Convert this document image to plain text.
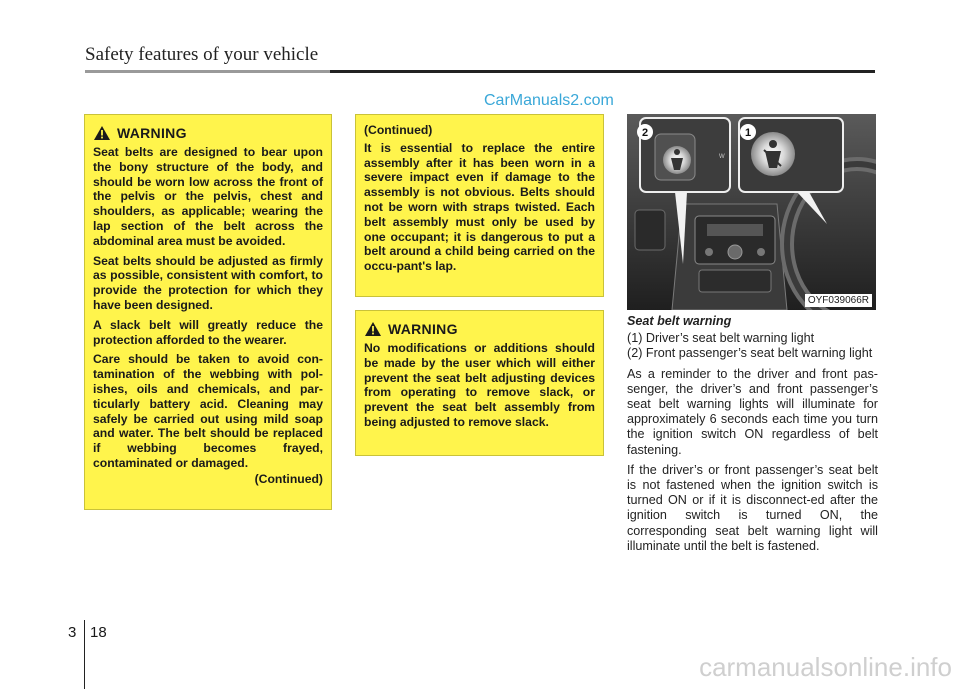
Safety features of your vehicle
CarManuals2.com
WARNING

Seat belts are designed to bear upon the bony structure of the body, and should be worn low across the front of the pelvis or the pelvis, chest and shoulders, as applicable; wearing the lap section of the belt across the abdominal area must be avoided.

Seat belts should be adjusted as firmly as possible, consistent with comfort, to provide the protection for which they have been designed.

A slack belt will greatly reduce the protection afforded to the wearer.

Care should be taken to avoid con-tamination of the webbing with pol-ishes, oils and chemicals, and par-ticularly battery acid. Cleaning may safely be carried out using mild soap and water. The belt should be replaced if webbing becomes frayed, contaminated or damaged.

(Continued)

(Continued)

It is essential to replace the entire assembly after it has been worn in a severe impact even if damage to the assembly is not obvious. Belts should not be worn with straps twisted. Each belt assembly must only be used by one occupant; it is dangerous to put a belt around a child being carried on the occu-pant's lap.

WARNING

No modifications or additions should be made by the user which will either prevent the seat belt adjusting devices from operating to remove slack, or prevent the seat belt assembly from being adjusted to remove slack.

2	1
W
OYF039066R

Seat belt warning

(1) Driver’s seat belt warning light

(2) Front passenger’s seat belt warning light

As a reminder to the driver and front pas-senger, the driver’s and front passenger’s seat belt warning lights will illuminate for approximately 6 seconds each time you turn the ignition switch ON regardless of belt fastening.

If the driver’s or front passenger’s seat belt is not fastened when the ignition switch is turned ON or if it is disconnect-ed after the ignition switch is turned ON, the corresponding seat belt warning light will illuminate until the belt is fastened.

3 18
carmanualsonline.info
